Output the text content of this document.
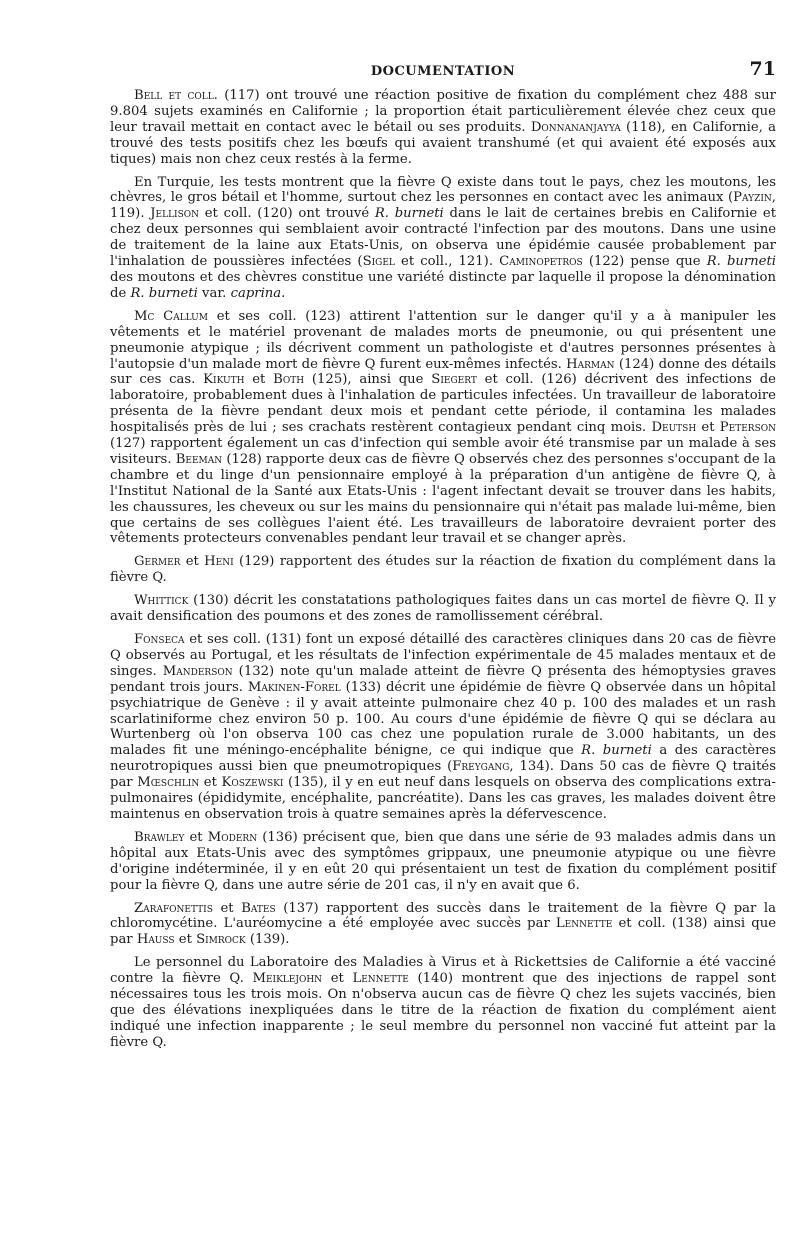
DOCUMENTATION	71

Bell et coll. (117) ont trouvé une réaction positive de fixation du complément chez 488 sur 9.804 sujets examinés en Californie ; la proportion était particulièrement élevée chez ceux que leur travail mettait en contact avec le bétail ou ses produits. Donnananjayya (118), en Californie, a trouvé des tests positifs chez les bœufs qui avaient transhumé (et qui avaient été exposés aux tiques) mais non chez ceux restés à la ferme.

En Turquie, les tests montrent que la fièvre Q existe dans tout le pays, chez les moutons, les chèvres, le gros bétail et l'homme, surtout chez les personnes en contact avec les animaux (Payzin, 119). Jellison et coll. (120) ont trouvé R. burneti dans le lait de certaines brebis en Californie et chez deux personnes qui semblaient avoir contracté l'infection par des moutons. Dans une usine de traitement de la laine aux Etats-Unis, on observa une épidémie causée probablement par l'inhalation de poussières infectées (Sigel et coll., 121). Caminopetros (122) pense que R. burneti des moutons et des chèvres constitue une variété distincte par laquelle il propose la dénomination de R. burneti var. caprina.

Mc Callum et ses coll. (123) attirent l'attention sur le danger qu'il y a à manipuler les vêtements et le matériel provenant de malades morts de pneumonie, ou qui présentent une pneumonie atypique ; ils décrivent comment un pathologiste et d'autres personnes présentes à l'autopsie d'un malade mort de fièvre Q furent eux-mêmes infectés. Harman (124) donne des détails sur ces cas. Kikuth et Both (125), ainsi que Siegert et coll. (126) décrivent des infections de laboratoire, probablement dues à l'inhalation de particules infectées. Un travailleur de laboratoire présenta de la fièvre pendant deux mois et pendant cette période, il contamina les malades hospitalisés près de lui ; ses crachats restèrent contagieux pendant cinq mois. Deutsh et Peterson (127) rapportent également un cas d'infection qui semble avoir été transmise par un malade à ses visiteurs. Beeman (128) rapporte deux cas de fièvre Q observés chez des personnes s'occupant de la chambre et du linge d'un pensionnaire employé à la préparation d'un antigène de fièvre Q, à l'Institut National de la Santé aux Etats-Unis : l'agent infectant devait se trouver dans les habits, les chaussures, les cheveux ou sur les mains du pensionnaire qui n'était pas malade lui-même, bien que certains de ses collègues l'aient été. Les travailleurs de laboratoire devraient porter des vêtements protecteurs convenables pendant leur travail et se changer après.

Germer et Heni (129) rapportent des études sur la réaction de fixation du complément dans la fièvre Q.

Whittick (130) décrit les constatations pathologiques faites dans un cas mortel de fièvre Q. Il y avait densification des poumons et des zones de ramollissement cérébral.

Fonseca et ses coll. (131) font un exposé détaillé des caractères cliniques dans 20 cas de fièvre Q observés au Portugal, et les résultats de l'infection expérimentale de 45 malades mentaux et de singes. Manderson (132) note qu'un malade atteint de fièvre Q présenta des hémoptysies graves pendant trois jours. Makinen-Forel (133) décrit une épidémie de fièvre Q observée dans un hôpital psychiatrique de Genève : il y avait atteinte pulmonaire chez 40 p. 100 des malades et un rash scarlatiniforme chez environ 50 p. 100. Au cours d'une épidémie de fièvre Q qui se déclara au Wurtenberg où l'on observa 100 cas chez une population rurale de 3.000 habitants, un des malades fit une méningo-encéphalite bénigne, ce qui indique que R. burneti a des caractères neurotropiques aussi bien que pneumotropiques (Freygang, 134). Dans 50 cas de fièvre Q traités par Mœschlin et Koszewski (135), il y en eut neuf dans lesquels on observa des complications extra-pulmonaires (épididymite, encéphalite, pancréatite). Dans les cas graves, les malades doivent être maintenus en observation trois à quatre semaines après la défervescence.

Brawley et Modern (136) précisent que, bien que dans une série de 93 malades admis dans un hôpital aux Etats-Unis avec des symptômes grippaux, une pneumonie atypique ou une fièvre d'origine indéterminée, il y en eût 20 qui présentaient un test de fixation du complément positif pour la fièvre Q, dans une autre série de 201 cas, il n'y en avait que 6.

Zarafonettis et Bates (137) rapportent des succès dans le traitement de la fièvre Q par la chloromycétine. L'auréomycine a été employée avec succès par Lennette et coll. (138) ainsi que par Hauss et Simrock (139).

Le personnel du Laboratoire des Maladies à Virus et à Rickettsies de Californie a été vacciné contre la fièvre Q. Meiklejohn et Lennette (140) montrent que des injections de rappel sont nécessaires tous les trois mois. On n'observa aucun cas de fièvre Q chez les sujets vaccinés, bien que des élévations inexpliquées dans le titre de la réaction de fixation du complément aient indiqué une infection inapparente ; le seul membre du personnel non vacciné fut atteint par la fièvre Q.
